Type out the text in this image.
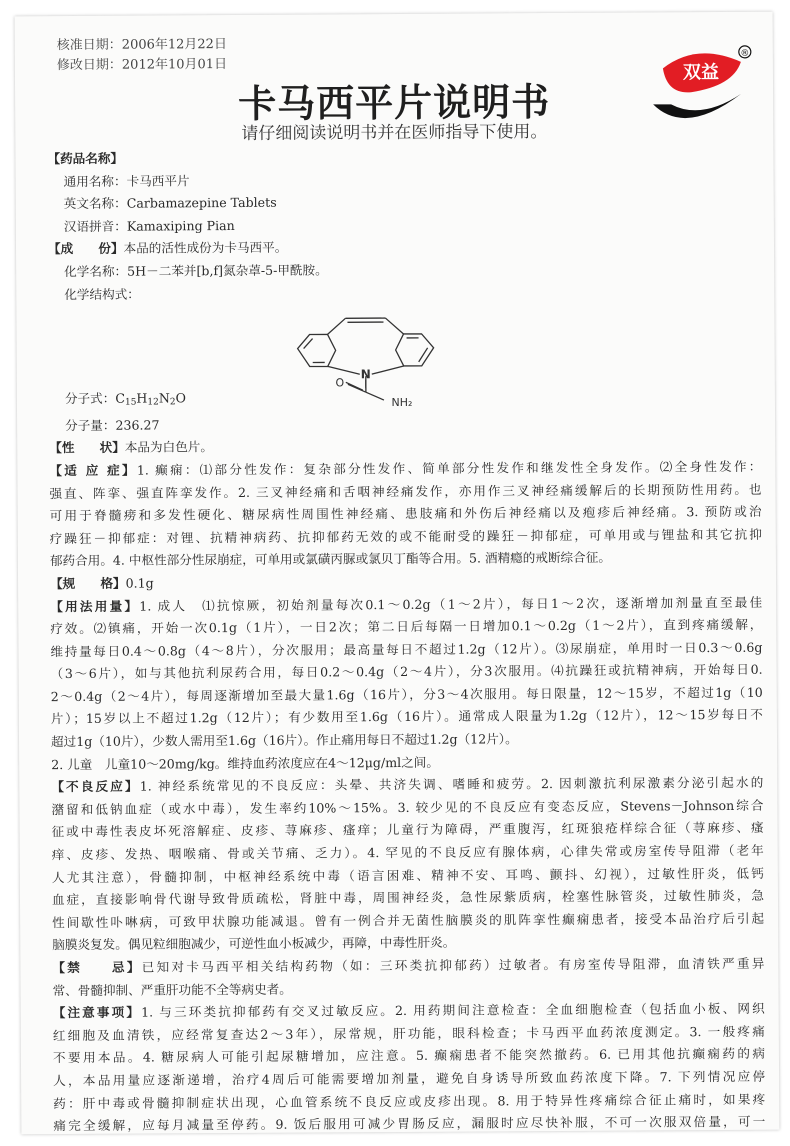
核准日期：2006年12月22日
修改日期：2012年10月01日	双益
®
卡马西平片说明书
请仔细阅读说明书并在医师指导下使用。
【药品名称】
通用名称：卡马西平片
英文名称：Carbamazepine Tablets
汉语拼音：Kamaxiping Pian
【成　　份】本品的活性成份为卡马西平。
化学名称：5H－二苯并[b,f]氮杂䓬-5-甲酰胺。
化学结构式：
N
O
NH₂
分子式：$C_{15}H_{12}N_2O$
分子量：236.27
【性　　状】本品为白色片。
【适 应 症】1. 癫痫：⑴部分性发作：复杂部分性发作、简单部分性发作和继发性全身发作。⑵全身性发作：
强直、阵挛、强直阵挛发作。2. 三叉神经痛和舌咽神经痛发作，亦用作三叉神经痛缓解后的长期预防性用药。也
可用于脊髓痨和多发性硬化、糖尿病性周围性神经痛、患肢痛和外伤后神经痛以及疱疹后神经痛。3. 预防或治
疗躁狂－抑郁症：对锂、抗精神病药、抗抑郁药无效的或不能耐受的躁狂－抑郁症，可单用或与锂盐和其它抗抑
郁药合用。4. 中枢性部分性尿崩症，可单用或氯磺丙脲或氯贝丁酯等合用。5. 酒精瘾的戒断综合征。
【规　　格】0.1g
【用法用量】1. 成人　⑴抗惊厥，初始剂量每次0.1～0.2g（1～2片），每日1～2次，逐渐增加剂量直至最佳
疗效。⑵镇痛，开始一次0.1g（1片），一日2次；第二日后每隔一日增加0.1～0.2g（1～2片），直到疼痛缓解，
维持量每日0.4～0.8g（4～8片），分次服用；最高量每日不超过1.2g（12片）。⑶尿崩症，单用时一日0.3～0.6g
（3～6片），如与其他抗利尿药合用，每日0.2～0.4g（2～4片），分3次服用。⑷抗躁狂或抗精神病，开始每日0.
2～0.4g（2～4片），每周逐渐增加至最大量1.6g（16片），分3～4次服用。每日限量，12～15岁，不超过1g（10
片）；15岁以上不超过1.2g（12片）；有少数用至1.6g（16片）。通常成人限量为1.2g（12片），12～15岁每日不
超过1g（10片），少数人需用至1.6g（16片）。作止痛用每日不超过1.2g（12片）。
2. 儿童　儿童10～20mg/kg。维持血药浓度应在4～12μg/ml之间。
【不良反应】1. 神经系统常见的不良反应：头晕、共济失调、嗜睡和疲劳。2. 因刺激抗利尿激素分泌引起水的
潴留和低钠血症（或水中毒），发生率约10%～15%。3. 较少见的不良反应有变态反应，Stevens－Johnson综合
征或中毒性表皮坏死溶解症、皮疹、荨麻疹、瘙痒；儿童行为障碍，严重腹泻，红斑狼疮样综合征（荨麻疹、瘙
痒、皮疹、发热、咽喉痛、骨或关节痛、乏力）。4. 罕见的不良反应有腺体病，心律失常或房室传导阻滞（老年
人尤其注意），骨髓抑制，中枢神经系统中毒（语言困难、精神不安、耳鸣、颤抖、幻视），过敏性肝炎，低钙
血症，直接影响骨代谢导致骨质疏松，肾脏中毒，周围神经炎，急性尿紫质病，栓塞性脉管炎，过敏性肺炎，急
性间歇性卟啉病，可致甲状腺功能减退。曾有一例合并无菌性脑膜炎的肌阵挛性癫痫患者，接受本品治疗后引起
脑膜炎复发。偶见粒细胞减少，可逆性血小板减少，再障，中毒性肝炎。
【禁　　忌】已知对卡马西平相关结构药物（如：三环类抗抑郁药）过敏者。有房室传导阻滞，血清铁严重异
常、骨髓抑制、严重肝功能不全等病史者。
【注意事项】1. 与三环类抗抑郁药有交叉过敏反应。2. 用药期间注意检查：全血细胞检查（包括血小板、网织
红细胞及血清铁，应经常复查达2～3年），尿常规，肝功能，眼科检查；卡马西平血药浓度测定。3. 一般疼痛
不要用本品。4. 糖尿病人可能引起尿糖增加，应注意。5. 癫痫患者不能突然撤药。6. 已用其他抗癫痫药的病
人，本品用量应逐渐递增，治疗4周后可能需要增加剂量，避免自身诱导所致血药浓度下降。7. 下列情况应停
药：肝中毒或骨髓抑制症状出现，心血管系统不良反应或皮疹出现。8. 用于特异性疼痛综合征止痛时，如果疼
痛完全缓解，应每月减量至停药。9. 饭后服用可减少胃肠反应，漏服时应尽快补服，不可一次服双倍量，可一
